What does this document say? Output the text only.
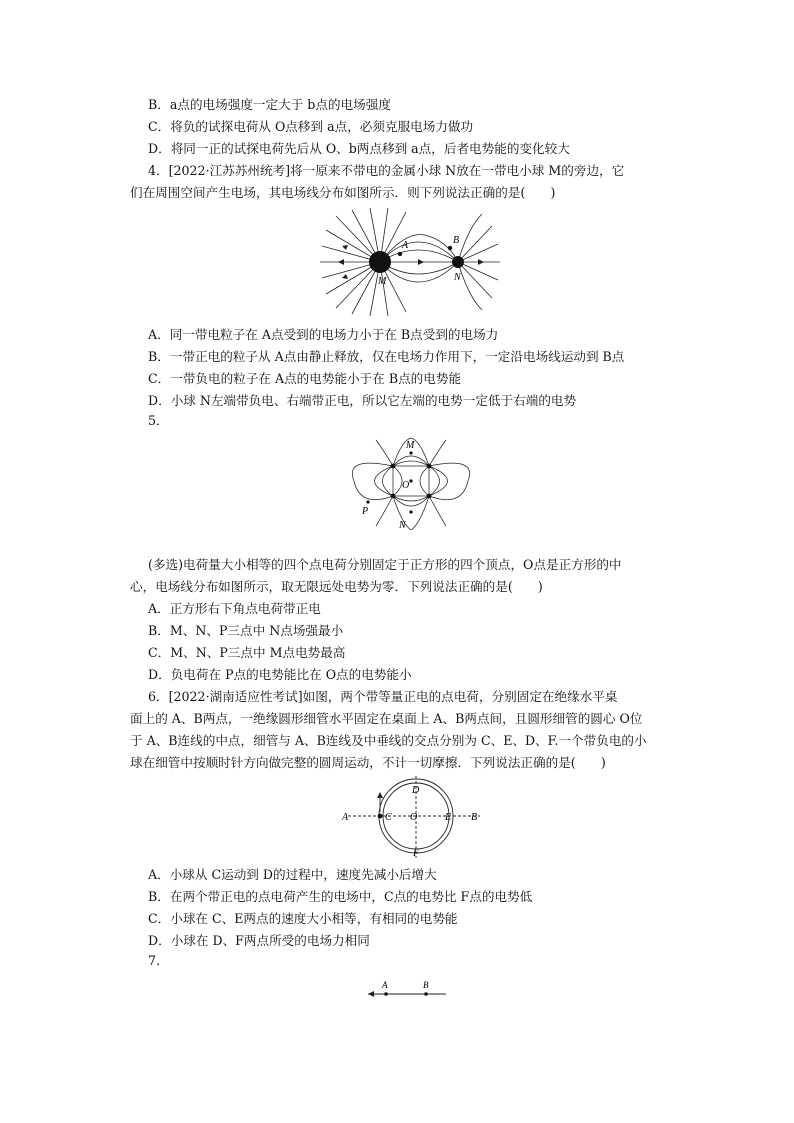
B．a点的电场强度一定大于 b点的电场强度
C．将负的试探电荷从 O点移到 a点，必须克服电场力做功
D．将同一正的试探电荷先后从 O、b两点移到 a点，后者电势能的变化较大
4．[2022·江苏苏州统考]将一原来不带电的金属小球 N放在一带电小球 M的旁边，它
们在周围空间产生电场，其电场线分布如图所示．则下列说法正确的是(　　)
A	B
M	N
A．同一带电粒子在 A点受到的电场力小于在 B点受到的电场力
B．一带正电的粒子从 A点由静止释放，仅在电场力作用下，一定沿电场线运动到 B点
C．一带负电的粒子在 A点的电势能小于在 B点的电势能
D．小球 N左端带负电、右端带正电，所以它左端的电势一定低于右端的电势
5．
M
O
N
P
(多选)电荷量大小相等的四个点电荷分别固定于正方形的四个顶点，O点是正方形的中
心，电场线分布如图所示，取无限远处电势为零．下列说法正确的是(　　)
A．正方形右下角点电荷带正电
B．M、N、P三点中 N点场强最小
C．M、N、P三点中 M点电势最高
D．负电荷在 P点的电势能比在 O点的电势能小
6．[2022·湖南适应性考试]如图，两个带等量正电的点电荷，分别固定在绝缘水平桌
面上的 A、B两点，一绝缘圆形细管水平固定在桌面上 A、B两点间，且圆形细管的圆心 O位
于 A、B连线的中点，细管与 A、B连线及中垂线的交点分别为 C、E、D、F.一个带负电的小
球在细管中按顺时针方向做完整的圆周运动，不计一切摩擦．下列说法正确的是(　　)
A	B
C O	E
D
F
A．小球从 C运动到 D的过程中，速度先减小后增大
B．在两个带正电的点电荷产生的电场中，C点的电势比 F点的电势低
C．小球在 C、E两点的速度大小相等，有相同的电势能
D．小球在 D、F两点所受的电场力相同
7.
A	B
